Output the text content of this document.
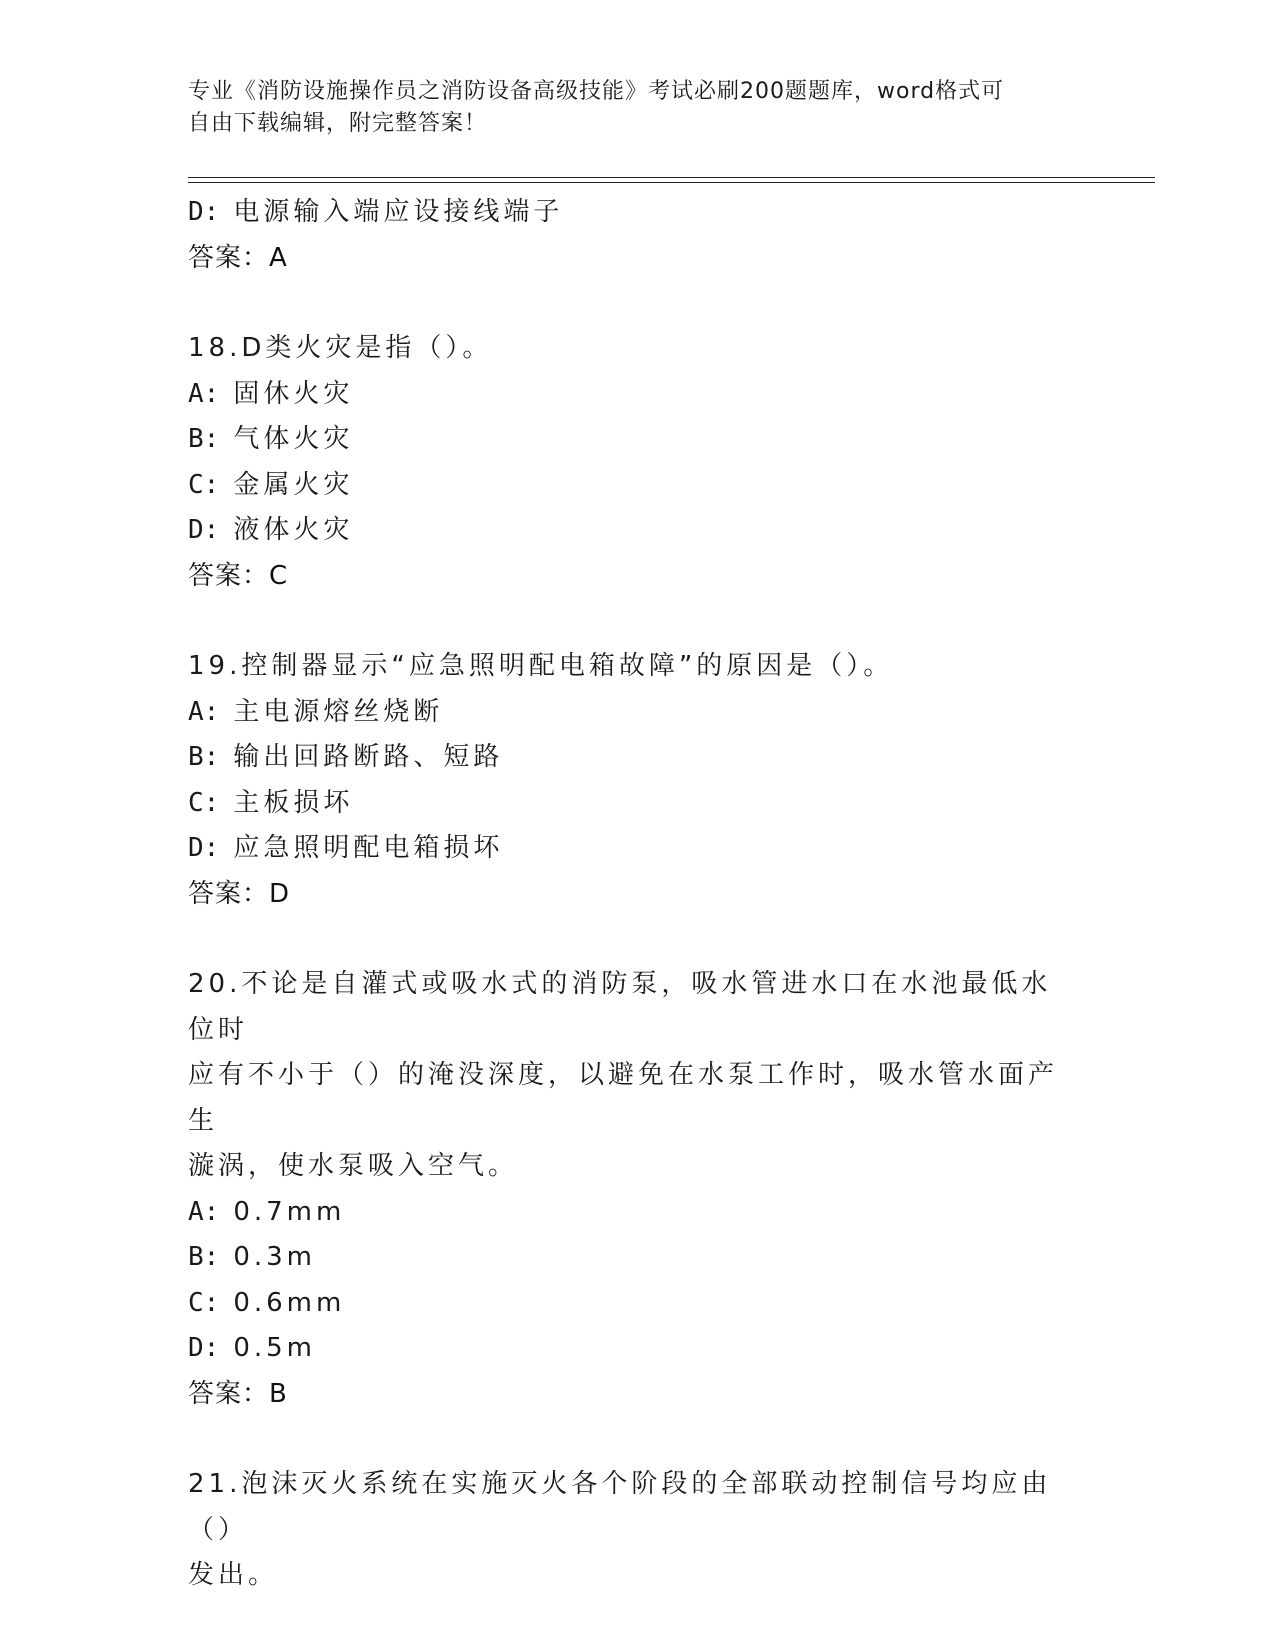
专业《消防设施操作员之消防设备高级技能》考试必刷200题题库，word格式可
自由下载编辑，附完整答案！
D: 电源输入端应设接线端子
答案：A
18.D类火灾是指（）。
A: 固休火灾
B: 气体火灾
C: 金属火灾
D: 液体火灾
答案：C
19.控制器显示“应急照明配电箱故障”的原因是（）。
A: 主电源熔丝烧断
B: 输出回路断路、短路
C: 主板损坏
D: 应急照明配电箱损坏
答案：D
20.不论是自灌式或吸水式的消防泵，吸水管进水口在水池最低水位时
应有不小于（）的淹没深度，以避免在水泵工作时，吸水管水面产生
漩涡，使水泵吸入空气。
A: 0.7mm
B: 0.3m
C: 0.6mm
D: 0.5m
答案：B
21.泡沫灭火系统在实施灭火各个阶段的全部联动控制信号均应由（）
发出。
